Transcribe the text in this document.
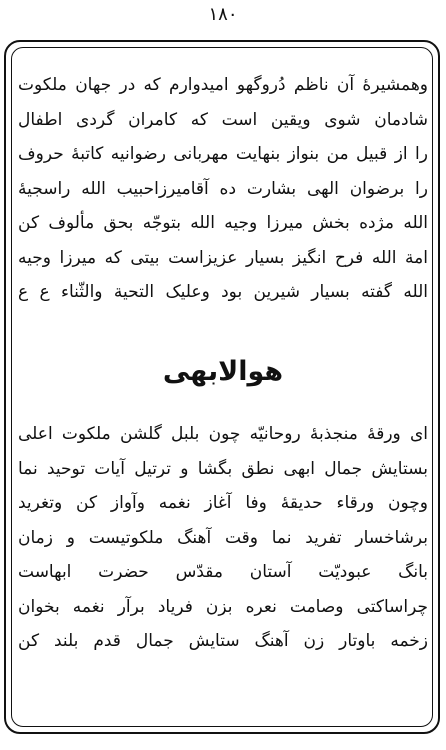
١٨٠
وهمشيرۀ آن ناظم دُروگهو اميدوارم که در جهان ملکوت
شادمان شوى ويقين است که کامران گردى اطفال
را از قبيل من بنواز بنهايت مهربانى رضوانيه کاتبۀ حروف
را برضوان الهى بشارت ده آقاميرزاحبيب الله راسجيۀ
الله مژده بخش ميرزا وجيه الله بتوجّه بحق مألوف کن
امة الله فرح انگيز بسيار عزيزاست بيتى که ميرزا وجيه
الله گفته بسيار شيرين بود وعليک التحية والثّناء ع ع
هوالابهى
اى ورقۀ منجذبۀ روحانيّه چون بلبل گلشن ملکوت اعلى
بستايش جمال ابهى نطق بگشا و ترتيل آيات توحيد نما
وچون ورقاء حديقۀ وفا آغاز نغمه وآواز کن وتغريد
برشاخسار تفريد نما وقت آهنگ ملکوتيست و زمان
بانگ عبوديّت آستان مقدّس حضرت ابهاست
چراساکتى وصامت نعره بزن فرياد برآر نغمه بخوان
زخمه باوتار زن آهنگ ستايش جمال قدم بلند کن
